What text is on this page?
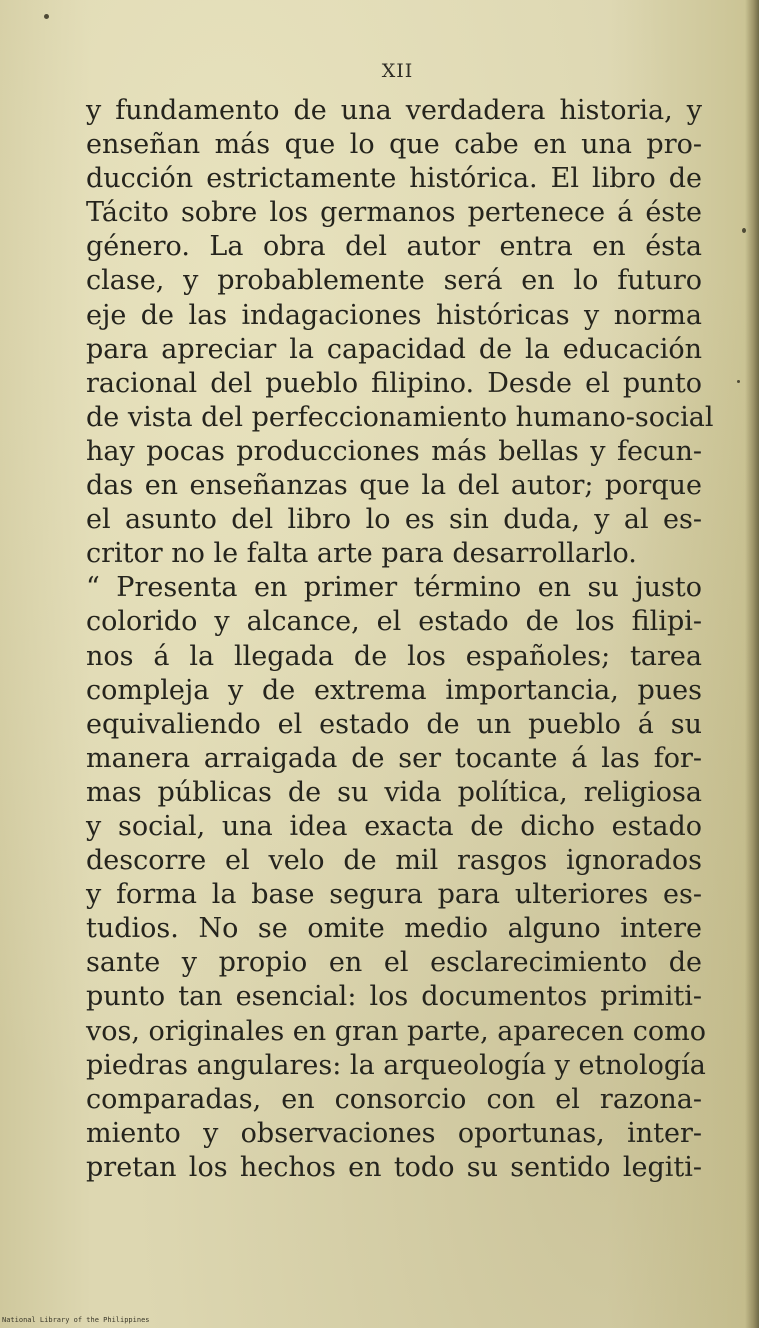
XII
y fundamento de una verdadera historia, y
enseñan más que lo que cabe en una pro-
ducción estrictamente histórica. El libro de
Tácito sobre los germanos pertenece á éste
género. La obra del autor entra en ésta
clase, y probablemente será en lo futuro
eje de las indagaciones históricas y norma
para apreciar la capacidad de la educación
racional del pueblo filipino. Desde el punto
de vista del perfeccionamiento humano-social
hay pocas producciones más bellas y fecun-
das en enseñanzas que la del autor; porque
el asunto del libro lo es sin duda, y al es-
critor no le falta arte para desarrollarlo.
“ Presenta en primer término en su justo
colorido y alcance, el estado de los filipi-
nos á la llegada de los españoles; tarea
compleja y de extrema importancia, pues
equivaliendo el estado de un pueblo á su
manera arraigada de ser tocante á las for-
mas públicas de su vida política, religiosa
y social, una idea exacta de dicho estado
descorre el velo de mil rasgos ignorados
y forma la base segura para ulteriores es-
tudios. No se omite medio alguno intere
sante y propio en el esclarecimiento de
punto tan esencial: los documentos primiti-
vos, originales en gran parte, aparecen como
piedras angulares: la arqueología y etnología
comparadas, en consorcio con el razona-
miento y observaciones oportunas, inter-
pretan los hechos en todo su sentido legiti-
National Library of the Philippines
